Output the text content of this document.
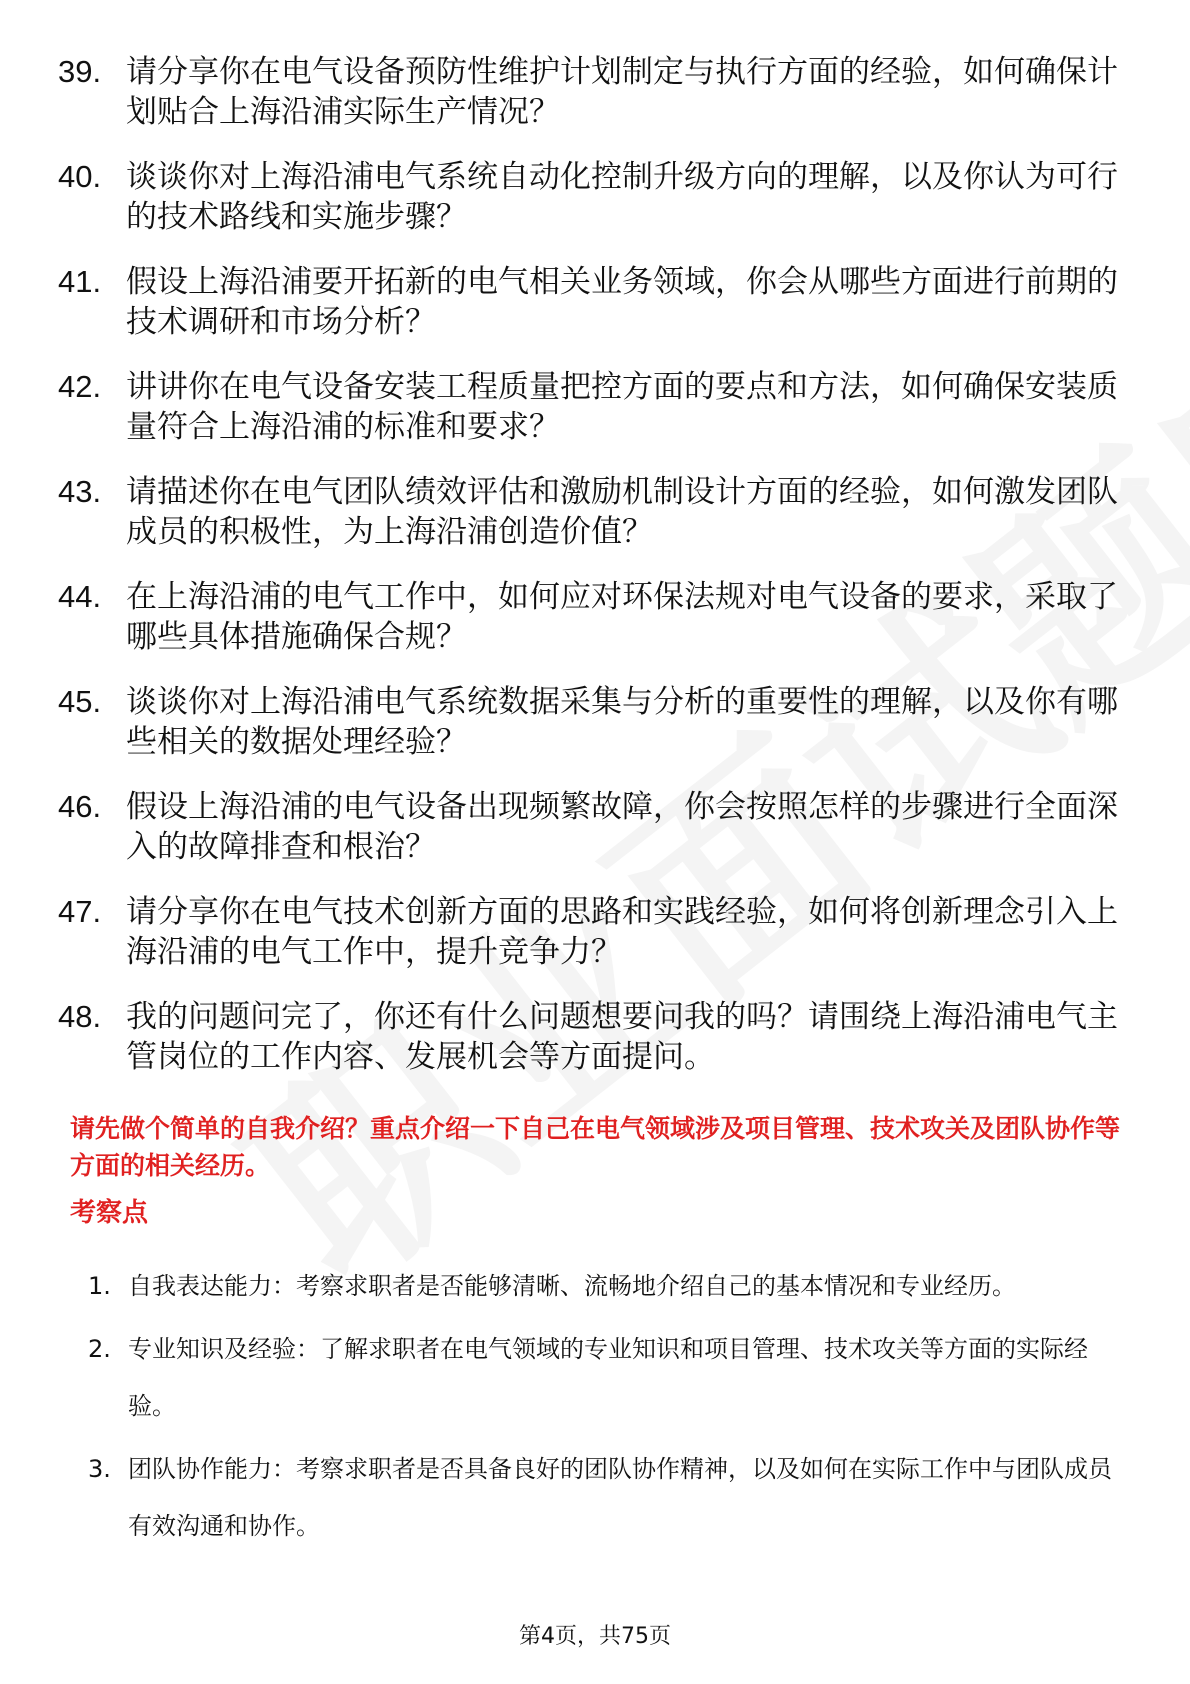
39. 请分享你在电气设备预防性维护计划制定与执行方面的经验，如何确保计划贴合上海沿浦实际生产情况？
40. 谈谈你对上海沿浦电气系统自动化控制升级方向的理解，以及你认为可行的技术路线和实施步骤？
41. 假设上海沿浦要开拓新的电气相关业务领域，你会从哪些方面进行前期的技术调研和市场分析？
42. 讲讲你在电气设备安装工程质量把控方面的要点和方法，如何确保安装质量符合上海沿浦的标准和要求？
43. 请描述你在电气团队绩效评估和激励机制设计方面的经验，如何激发团队成员的积极性，为上海沿浦创造价值？
44. 在上海沿浦的电气工作中，如何应对环保法规对电气设备的要求，采取了哪些具体措施确保合规？
45. 谈谈你对上海沿浦电气系统数据采集与分析的重要性的理解，以及你有哪些相关的数据处理经验？
46. 假设上海沿浦的电气设备出现频繁故障，你会按照怎样的步骤进行全面深入的故障排查和根治？
47. 请分享你在电气技术创新方面的思路和实践经验，如何将创新理念引入上海沿浦的电气工作中，提升竞争力？
48. 我的问题问完了，你还有什么问题想要问我的吗？请围绕上海沿浦电气主管岗位的工作内容、发展机会等方面提问。
请先做个简单的自我介绍？重点介绍一下自己在电气领域涉及项目管理、技术攻关及团队协作等方面的相关经历。
考察点
1. 自我表达能力：考察求职者是否能够清晰、流畅地介绍自己的基本情况和专业经历。
2. 专业知识及经验：了解求职者在电气领域的专业知识和项目管理、技术攻关等方面的实际经验。
3. 团队协作能力：考察求职者是否具备良好的团队协作精神，以及如何在实际工作中与团队成员有效沟通和协作。
第4页，共75页
